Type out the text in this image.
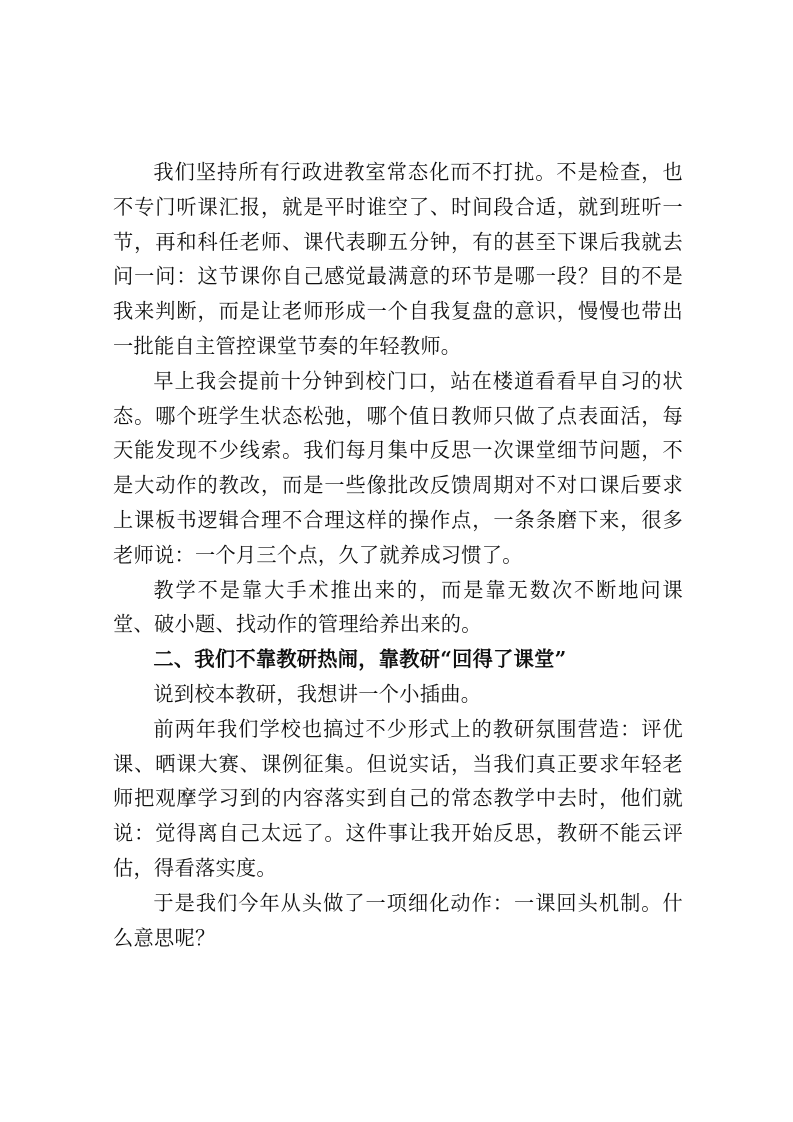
我们坚持所有行政进教室常态化而不打扰。不是检查，也不专门听课汇报，就是平时谁空了、时间段合适，就到班听一节，再和科任老师、课代表聊五分钟，有的甚至下课后我就去问一问：这节课你自己感觉最满意的环节是哪一段？目的不是我来判断，而是让老师形成一个自我复盘的意识，慢慢也带出一批能自主管控课堂节奏的年轻教师。

早上我会提前十分钟到校门口，站在楼道看看早自习的状态。哪个班学生状态松弛，哪个值日教师只做了点表面活，每天能发现不少线索。我们每月集中反思一次课堂细节问题，不是大动作的教改，而是一些像批改反馈周期对不对口课后要求上课板书逻辑合理不合理这样的操作点，一条条磨下来，很多老师说：一个月三个点，久了就养成习惯了。

教学不是靠大手术推出来的，而是靠无数次不断地问课堂、破小题、找动作的管理给养出来的。

二、我们不靠教研热闹，靠教研“回得了课堂”

说到校本教研，我想讲一个小插曲。

前两年我们学校也搞过不少形式上的教研氛围营造：评优课、晒课大赛、课例征集。但说实话，当我们真正要求年轻老师把观摩学习到的内容落实到自己的常态教学中去时，他们就说：觉得离自己太远了。这件事让我开始反思，教研不能云评估，得看落实度。

于是我们今年从头做了一项细化动作：一课回头机制。什么意思呢？
